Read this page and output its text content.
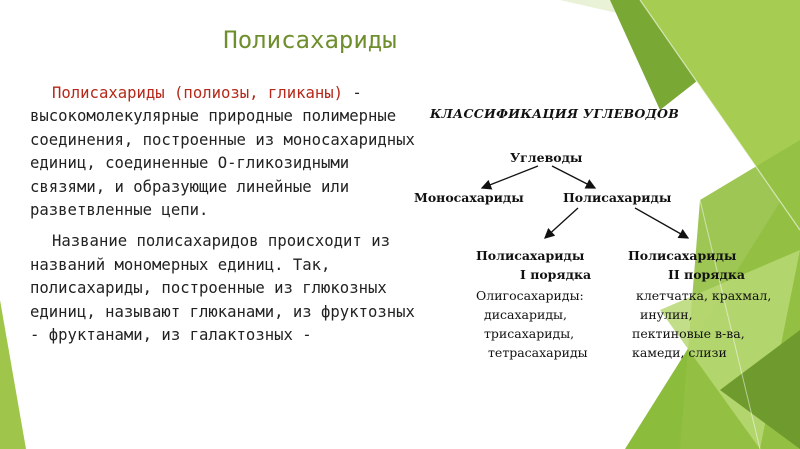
Полисахариды

Полисахариды (полиозы, гликаны) - высокомолекулярные природные полимерные соединения, построенные из моносахаридных единиц, соединенные О-гликозидными связями, и образующие линейные или разветвленные цепи.

Название полисахаридов происходит из названий мономерных единиц. Так, полисахариды, построенные из глюкозных единиц, называют глюканами, из фруктозных - фруктанами, из галактозных -

КЛАССИФИКАЦИЯ УГЛЕВОДОВ
Углеводы
Моносахариды	Полисахариды
Полисахариды
I порядка
Полисахариды
II порядка
Олигосахариды:
дисахариды,
трисахариды,
тетрасахариды
клетчатка, крахмал,
инулин,
пектиновые в-ва,
камеди, слизи
